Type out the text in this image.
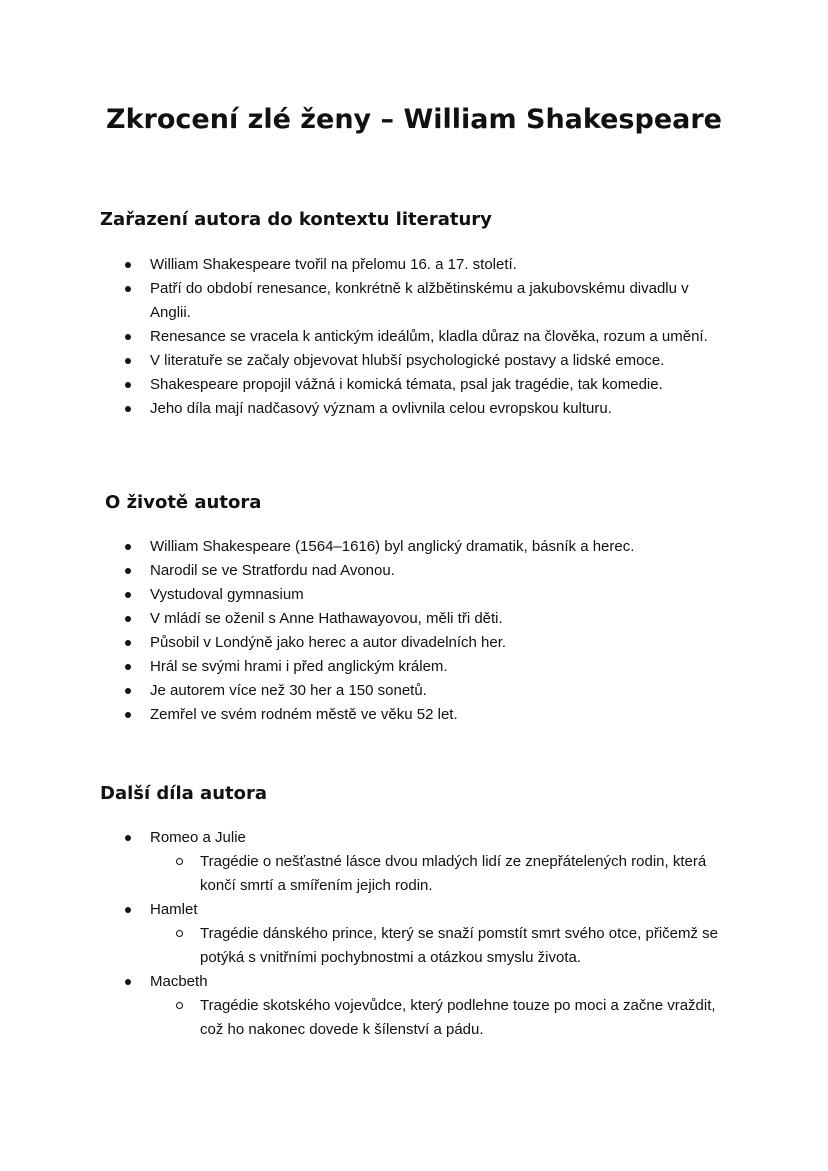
Zkrocení zlé ženy – William Shakespeare
Zařazení autora do kontextu literatury
William Shakespeare tvořil na přelomu 16. a 17. století.
Patří do období renesance, konkrétně k alžbětinskému a jakubovskému divadlu v Anglii.
Renesance se vracela k antickým ideálům, kladla důraz na člověka, rozum a umění.
V literatuře se začaly objevovat hlubší psychologické postavy a lidské emoce.
Shakespeare propojil vážná i komická témata, psal jak tragédie, tak komedie.
Jeho díla mají nadčasový význam a ovlivnila celou evropskou kulturu.
O životě autora
William Shakespeare (1564–1616) byl anglický dramatik, básník a herec.
Narodil se ve Stratfordu nad Avonou.
Vystudoval gymnasium
V mládí se oženil s Anne Hathawayovou, měli tři děti.
Působil v Londýně jako herec a autor divadelních her.
Hrál se svými hrami i před anglickým králem.
Je autorem více než 30 her a 150 sonetů.
Zemřel ve svém rodném městě ve věku 52 let.
Další díla autora
Romeo a Julie
Tragédie o nešťastné lásce dvou mladých lidí ze znepřátelených rodin, která končí smrtí a smířením jejich rodin.
Hamlet
Tragédie dánského prince, který se snaží pomstít smrt svého otce, přičemž se potýká s vnitřními pochybnostmi a otázkou smyslu života.
Macbeth
Tragédie skotského vojevůdce, který podlehne touze po moci a začne vraždit, což ho nakonec dovede k šílenství a pádu.
